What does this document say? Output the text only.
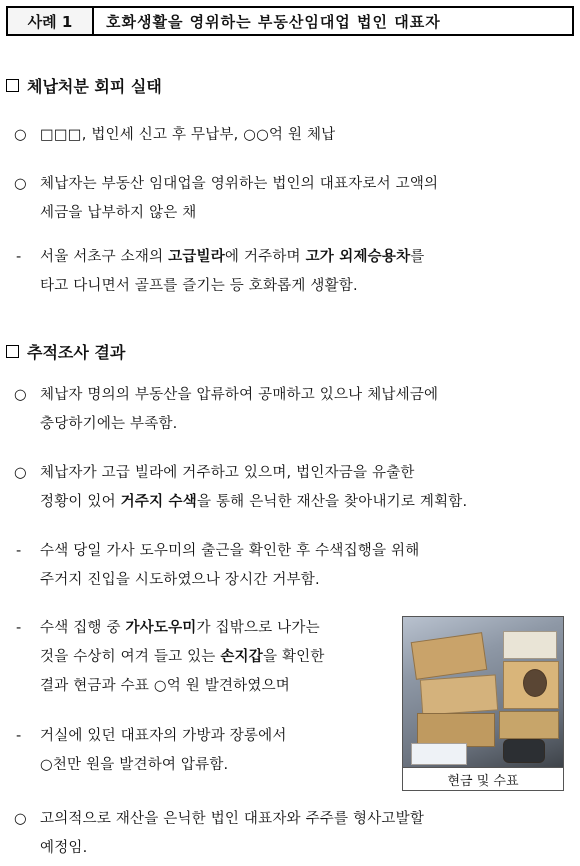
사례 1	호화생활을 영위하는 부동산임대업 법인 대표자
체납처분 회피 실태
○ □□□, 법인세 신고 후 무납부, ○○억 원 체납
○ 체납자는 부동산 임대업을 영위하는 법인의 대표자로서 고액의
세금을 납부하지 않은 채
-	서울 서초구 소재의 고급빌라에 거주하며 고가 외제승용차를
타고 다니면서 골프를 즐기는 등 호화롭게 생활함.
추적조사 결과
○ 체납자 명의의 부동산을 압류하여 공매하고 있으나 체납세금에
충당하기에는 부족함.
○ 체납자가 고급 빌라에 거주하고 있으며, 법인자금을 유출한
정황이 있어 거주지 수색을 통해 은닉한 재산을 찾아내기로 계획함.
-	수색 당일 가사 도우미의 출근을 확인한 후 수색집행을 위해
주거지 진입을 시도하였으나 장시간 거부함.
-	수색 집행 중 가사도우미가 집밖으로 나가는
것을 수상히 여겨 들고 있는 손지갑을 확인한
결과 현금과 수표 ○억 원 발견하였으며
-	거실에 있던 대표자의 가방과 장롱에서
○천만 원을 발견하여 압류함.
현금 및 수표
○ 고의적으로 재산을 은닉한 법인 대표자와 주주를 형사고발할
예정임.
